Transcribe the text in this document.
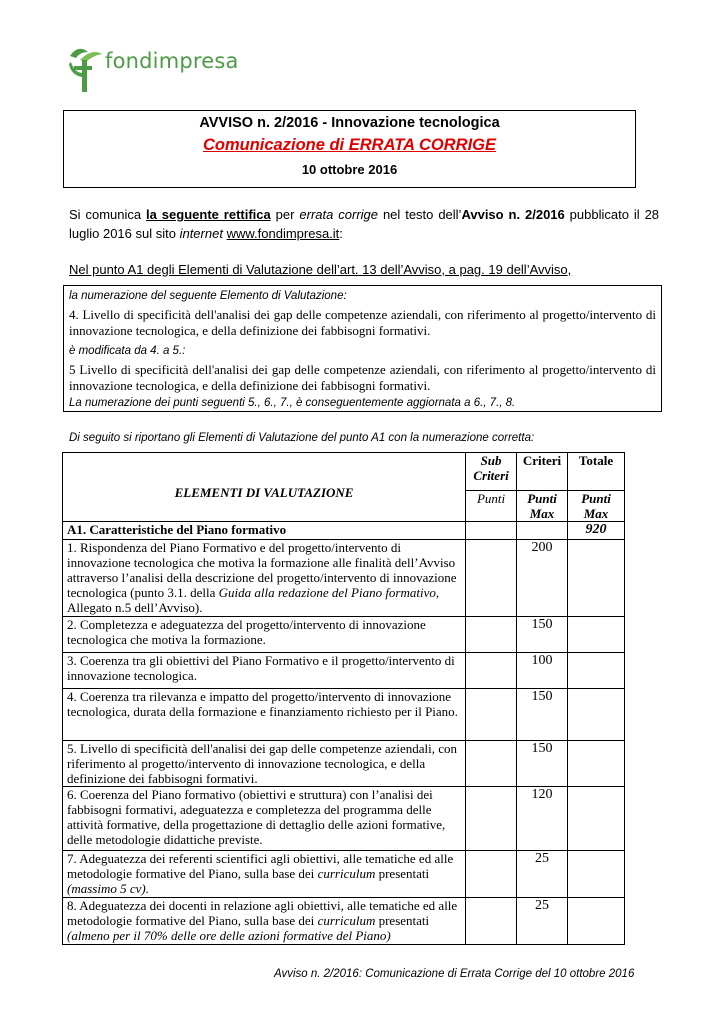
fondimpresa
AVVISO n. 2/2016 - Innovazione tecnologica
Comunicazione di ERRATA CORRIGE
10 ottobre 2016
Si comunica la seguente rettifica per errata corrige nel testo dell’Avviso n. 2/2016 pubblicato il 28 luglio 2016 sul sito internet www.fondimpresa.it:
Nel punto A1 degli Elementi di Valutazione dell’art. 13 dell’Avviso, a pag. 19 dell’Avviso,
la numerazione del seguente Elemento di Valutazione:
4. Livello di specificità dell'analisi dei gap delle competenze aziendali, con riferimento al progetto/intervento di innovazione tecnologica, e della definizione dei fabbisogni formativi.
è modificata da 4. a 5.:
5 Livello di specificità dell'analisi dei gap delle competenze aziendali, con riferimento al progetto/intervento di innovazione tecnologica, e della definizione dei fabbisogni formativi.
La numerazione dei punti seguenti 5., 6., 7., è conseguentemente aggiornata a 6., 7., 8.
Di seguito si riportano gli Elementi di Valutazione del punto A1 con la numerazione corretta:
ELEMENTI DI VALUTAZIONE	Sub Criteri	Criteri	Totale
	Punti	Punti Max	Punti Max
A1. Caratteristiche del Piano formativo			920
1. Rispondenza del Piano Formativo e del progetto/intervento di innovazione tecnologica che motiva la formazione alle finalità dell’Avviso attraverso l’analisi della descrizione del progetto/intervento di innovazione tecnologica (punto 3.1. della Guida alla redazione del Piano formativo, Allegato n.5 dell’Avviso).		200	
2. Completezza e adeguatezza del progetto/intervento di innovazione tecnologica che motiva la formazione.		150	
3. Coerenza tra gli obiettivi del Piano Formativo e il progetto/intervento di innovazione tecnologica.		100	
4. Coerenza tra rilevanza e impatto del progetto/intervento di innovazione tecnologica, durata della formazione e finanziamento richiesto per il Piano.		150	
5. Livello di specificità dell'analisi dei gap delle competenze aziendali, con riferimento al progetto/intervento di innovazione tecnologica, e della definizione dei fabbisogni formativi.		150	
6. Coerenza del Piano formativo (obiettivi e struttura) con l’analisi dei fabbisogni formativi, adeguatezza e completezza del programma delle attività formative, della progettazione di dettaglio delle azioni formative, delle metodologie didattiche previste.		120	
7. Adeguatezza dei referenti scientifici agli obiettivi, alle tematiche ed alle metodologie formative del Piano, sulla base dei curriculum presentati (massimo 5 cv).		25	
8. Adeguatezza dei docenti in relazione agli obiettivi, alle tematiche ed alle metodologie formative del Piano, sulla base dei curriculum presentati (almeno per il 70% delle ore delle azioni formative del Piano)		25	
Avviso n. 2/2016: Comunicazione di Errata Corrige del 10 ottobre 2016
